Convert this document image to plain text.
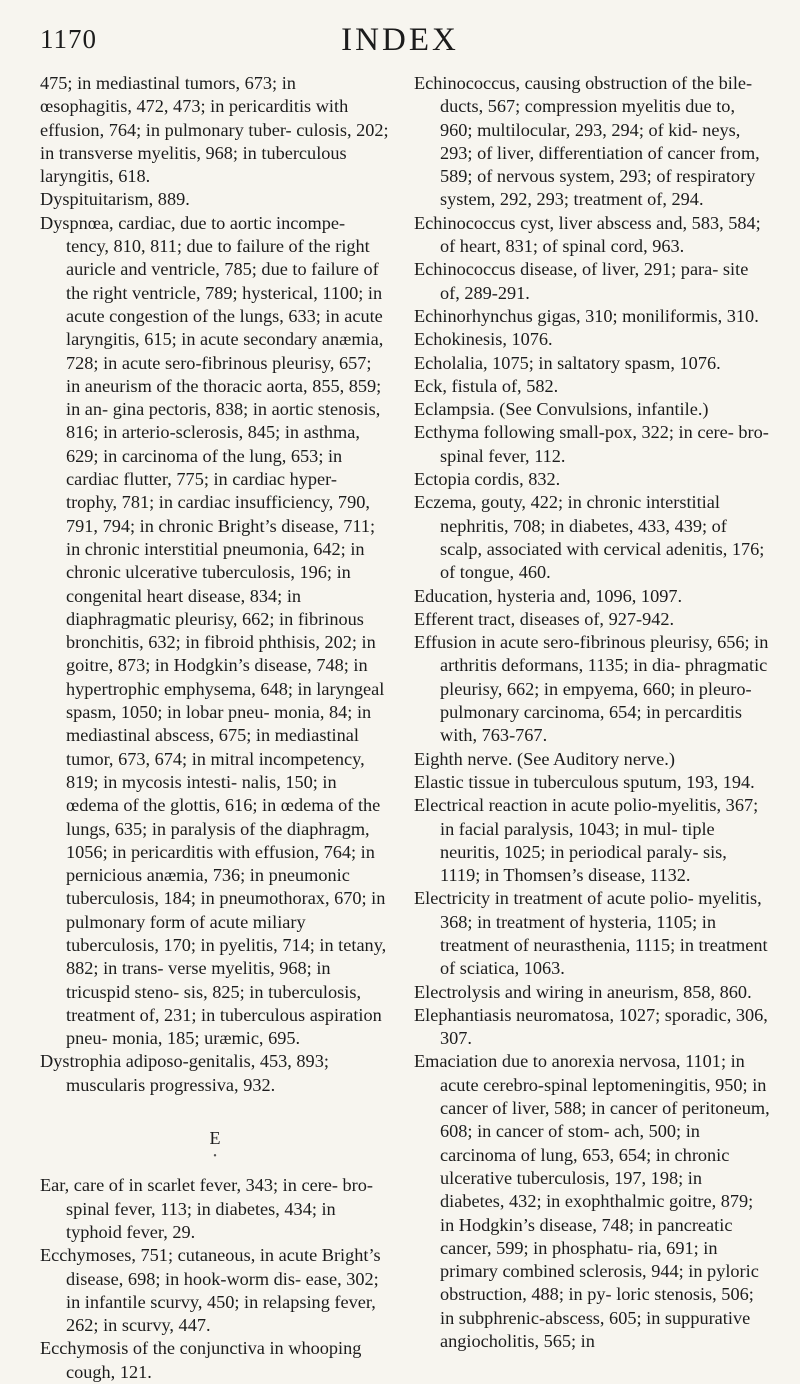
1170	INDEX
475; in mediastinal tumors, 673; in œsophagitis, 472, 473; in pericarditis with effusion, 764; in pulmonary tuber- culosis, 202; in transverse myelitis, 968; in tuberculous laryngitis, 618.
Dyspituitarism, 889.
Dyspnœa, cardiac, due to aortic incompe- tency, 810, 811; due to failure of the right auricle and ventricle, 785; due to failure of the right ventricle, 789; hysterical, 1100; in acute congestion of the lungs, 633; in acute laryngitis, 615; in acute secondary anæmia, 728; in acute sero-fibrinous pleurisy, 657; in aneurism of the thoracic aorta, 855, 859; in an- gina pectoris, 838; in aortic stenosis, 816; in arterio-sclerosis, 845; in asthma, 629; in carcinoma of the lung, 653; in cardiac flutter, 775; in cardiac hyper- trophy, 781; in cardiac insufficiency, 790, 791, 794; in chronic Bright’s disease, 711; in chronic interstitial pneumonia, 642; in chronic ulcerative tuberculosis, 196; in congenital heart disease, 834; in diaphragmatic pleurisy, 662; in fibrinous bronchitis, 632; in fibroid phthisis, 202; in goitre, 873; in Hodgkin’s disease, 748; in hypertrophic emphysema, 648; in laryngeal spasm, 1050; in lobar pneu- monia, 84; in mediastinal abscess, 675; in mediastinal tumor, 673, 674; in mitral incompetency, 819; in mycosis intesti- nalis, 150; in œdema of the glottis, 616; in œdema of the lungs, 635; in paralysis of the diaphragm, 1056; in pericarditis with effusion, 764; in pernicious anæmia, 736; in pneumonic tuberculosis, 184; in pneumothorax, 670; in pulmonary form of acute miliary tuberculosis, 170; in pyelitis, 714; in tetany, 882; in trans- verse myelitis, 968; in tricuspid steno- sis, 825; in tuberculosis, treatment of, 231; in tuberculous aspiration pneu- monia, 185; uræmic, 695.
Dystrophia adiposo-genitalis, 453, 893; muscularis progressiva, 932.
E
•
Ear, care of in scarlet fever, 343; in cere- bro-spinal fever, 113; in diabetes, 434; in typhoid fever, 29.
Ecchymoses, 751; cutaneous, in acute Bright’s disease, 698; in hook-worm dis- ease, 302; in infantile scurvy, 450; in relapsing fever, 262; in scurvy, 447.
Ecchymosis of the conjunctiva in whooping cough, 121.
Echinococcus, causing obstruction of the bile-ducts, 567; compression myelitis due to, 960; multilocular, 293, 294; of kid- neys, 293; of liver, differentiation of cancer from, 589; of nervous system, 293; of respiratory system, 292, 293; treatment of, 294.
Echinococcus cyst, liver abscess and, 583, 584; of heart, 831; of spinal cord, 963.
Echinococcus disease, of liver, 291; para- site of, 289-291.
Echinorhynchus gigas, 310; moniliformis, 310.
Echokinesis, 1076.
Echolalia, 1075; in saltatory spasm, 1076.
Eck, fistula of, 582.
Eclampsia. (See Convulsions, infantile.)
Ecthyma following small-pox, 322; in cere- bro-spinal fever, 112.
Ectopia cordis, 832.
Eczema, gouty, 422; in chronic interstitial nephritis, 708; in diabetes, 433, 439; of scalp, associated with cervical adenitis, 176; of tongue, 460.
Education, hysteria and, 1096, 1097.
Efferent tract, diseases of, 927-942.
Effusion in acute sero-fibrinous pleurisy, 656; in arthritis deformans, 1135; in dia- phragmatic pleurisy, 662; in empyema, 660; in pleuro-pulmonary carcinoma, 654; in percarditis with, 763-767.
Eighth nerve. (See Auditory nerve.)
Elastic tissue in tuberculous sputum, 193, 194.
Electrical reaction in acute polio-myelitis, 367; in facial paralysis, 1043; in mul- tiple neuritis, 1025; in periodical paraly- sis, 1119; in Thomsen’s disease, 1132.
Electricity in treatment of acute polio- myelitis, 368; in treatment of hysteria, 1105; in treatment of neurasthenia, 1115; in treatment of sciatica, 1063.
Electrolysis and wiring in aneurism, 858, 860.
Elephantiasis neuromatosa, 1027; sporadic, 306, 307.
Emaciation due to anorexia nervosa, 1101; in acute cerebro-spinal leptomeningitis, 950; in cancer of liver, 588; in cancer of peritoneum, 608; in cancer of stom- ach, 500; in carcinoma of lung, 653, 654; in chronic ulcerative tuberculosis, 197, 198; in diabetes, 432; in exophthalmic goitre, 879; in Hodgkin’s disease, 748; in pancreatic cancer, 599; in phosphatu- ria, 691; in primary combined sclerosis, 944; in pyloric obstruction, 488; in py- loric stenosis, 506; in subphrenic-abscess, 605; in suppurative angiocholitis, 565; in
